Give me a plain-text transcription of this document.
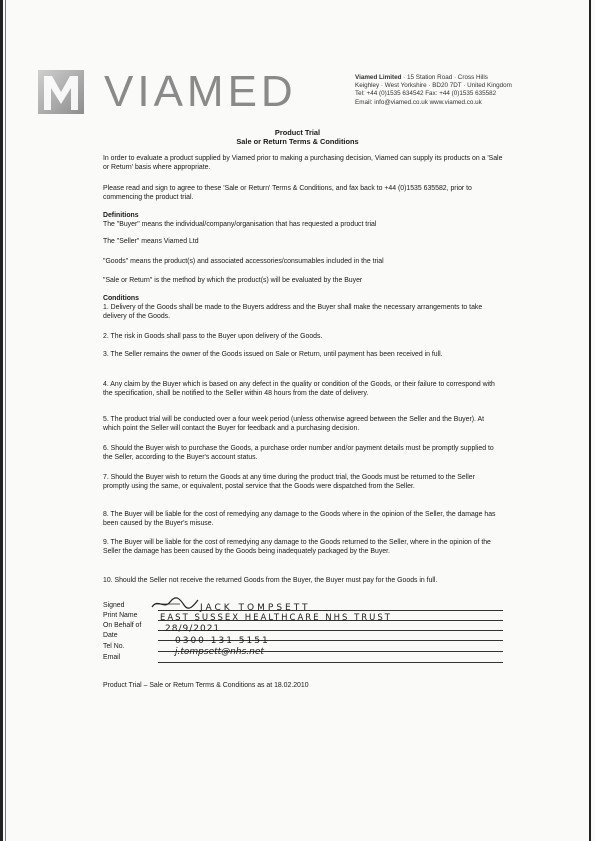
VIAMED	Viamed Limited · 15 Station Road · Cross Hills
Keighley · West Yorkshire · BD20 7DT · United Kingdom
Tel: +44 (0)1535 634542 Fax: +44 (0)1535 635582
Email: info@viamed.co.uk www.viamed.co.uk
Product Trial
Sale or Return Terms & Conditions
In order to evaluate a product supplied by Viamed prior to making a purchasing decision, Viamed can supply its products on a 'Sale or Return' basis where appropriate.
Please read and sign to agree to these 'Sale or Return' Terms & Conditions, and fax back to +44 (0)1535 635582, prior to commencing the product trial.
Definitions
The "Buyer" means the individual/company/organisation that has requested a product trial
The "Seller" means Viamed Ltd
"Goods" means the product(s) and associated accessories/consumables included in the trial
"Sale or Return" is the method by which the product(s) will be evaluated by the Buyer
Conditions
1. Delivery of the Goods shall be made to the Buyers address and the Buyer shall make the necessary arrangements to take delivery of the Goods.
2. The risk in Goods shall pass to the Buyer upon delivery of the Goods.
3. The Seller remains the owner of the Goods issued on Sale or Return, until payment has been received in full.
4. Any claim by the Buyer which is based on any defect in the quality or condition of the Goods, or their failure to correspond with the specification, shall be notified to the Seller within 48 hours from the date of delivery.
5. The product trial will be conducted over a four week period (unless otherwise agreed between the Seller and the Buyer). At which point the Seller will contact the Buyer for feedback and a purchasing decision.
6. Should the Buyer wish to purchase the Goods, a purchase order number and/or payment details must be promptly supplied to the Seller, according to the Buyer's account status.
7. Should the Buyer wish to return the Goods at any time during the product trial, the Goods must be returned to the Seller promptly using the same, or equivalent, postal service that the Goods were dispatched from the Seller.
8. The Buyer will be liable for the cost of remedying any damage to the Goods where in the opinion of the Seller, the damage has been caused by the Buyer's misuse.
9. The Buyer will be liable for the cost of remedying any damage to the Goods returned to the Seller, where in the opinion of the Seller the damage has been caused by the Goods being inadequately packaged by the Buyer.
10. Should the Seller not receive the returned Goods from the Buyer, the Buyer must pay for the Goods in full.
Signed
Print Name
On Behalf of
Date
Tel No.
Email
JACK TOMPSETT
EAST SUSSEX HEALTHCARE NHS TRUST
28/9/2021
0300 131 5151
j.tompsett@nhs.net
Product Trial – Sale or Return Terms & Conditions as at 18.02.2010
